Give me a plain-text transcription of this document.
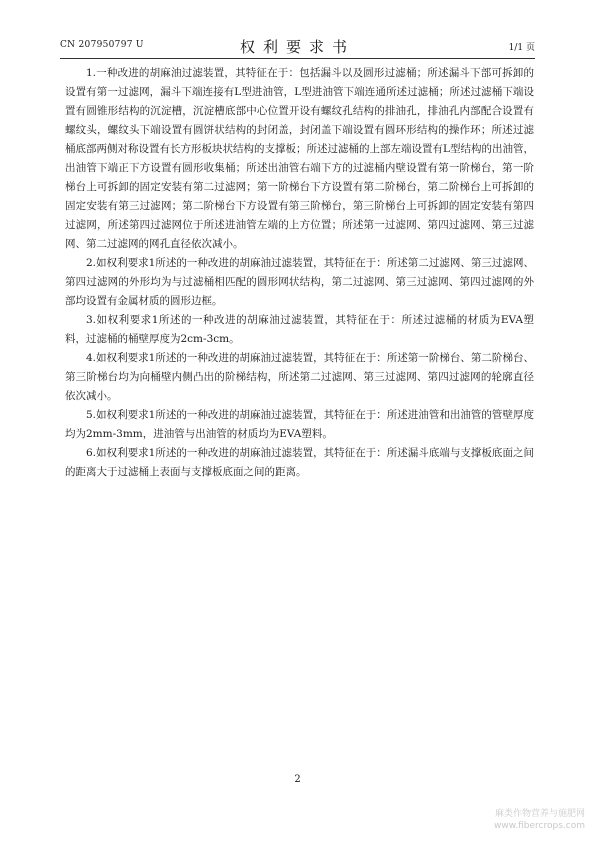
CN 207950797 U	权利要求书	1/1 页

1.一种改进的胡麻油过滤装置，其特征在于：包括漏斗以及圆形过滤桶；所述漏斗下部可拆卸的设置有第一过滤网，漏斗下端连接有L型进油管，L型进油管下端连通所述过滤桶；所述过滤桶下端设置有圆锥形结构的沉淀槽，沉淀槽底部中心位置开设有螺纹孔结构的排油孔，排油孔内部配合设置有螺纹头，螺纹头下端设置有圆饼状结构的封闭盖，封闭盖下端设置有圆环形结构的操作环；所述过滤桶底部两侧对称设置有长方形板块状结构的支撑板；所述过滤桶的上部左端设置有L型结构的出油管，出油管下端正下方设置有圆形收集桶；所述出油管右端下方的过滤桶内壁设置有第一阶梯台，第一阶梯台上可拆卸的固定安装有第二过滤网；第一阶梯台下方设置有第二阶梯台，第二阶梯台上可拆卸的固定安装有第三过滤网；第二阶梯台下方设置有第三阶梯台，第三阶梯台上可拆卸的固定安装有第四过滤网，所述第四过滤网位于所述进油管左端的上方位置；所述第一过滤网、第四过滤网、第三过滤网、第二过滤网的网孔直径依次减小。

2.如权利要求1所述的一种改进的胡麻油过滤装置，其特征在于：所述第二过滤网、第三过滤网、第四过滤网的外形均为与过滤桶相匹配的圆形网状结构，第二过滤网、第三过滤网、第四过滤网的外部均设置有金属材质的圆形边框。

3.如权利要求1所述的一种改进的胡麻油过滤装置，其特征在于：所述过滤桶的材质为EVA塑料，过滤桶的桶壁厚度为2cm-3cm。

4.如权利要求1所述的一种改进的胡麻油过滤装置，其特征在于：所述第一阶梯台、第二阶梯台、第三阶梯台均为向桶壁内侧凸出的阶梯结构，所述第二过滤网、第三过滤网、第四过滤网的轮廓直径依次减小。

5.如权利要求1所述的一种改进的胡麻油过滤装置，其特征在于：所述进油管和出油管的管壁厚度均为2mm-3mm，进油管与出油管的材质均为EVA塑料。

6.如权利要求1所述的一种改进的胡麻油过滤装置，其特征在于：所述漏斗底端与支撑板底面之间的距离大于过滤桶上表面与支撑板底面之间的距离。

2
麻类作物营养与施肥网
www.fibercrops.com
